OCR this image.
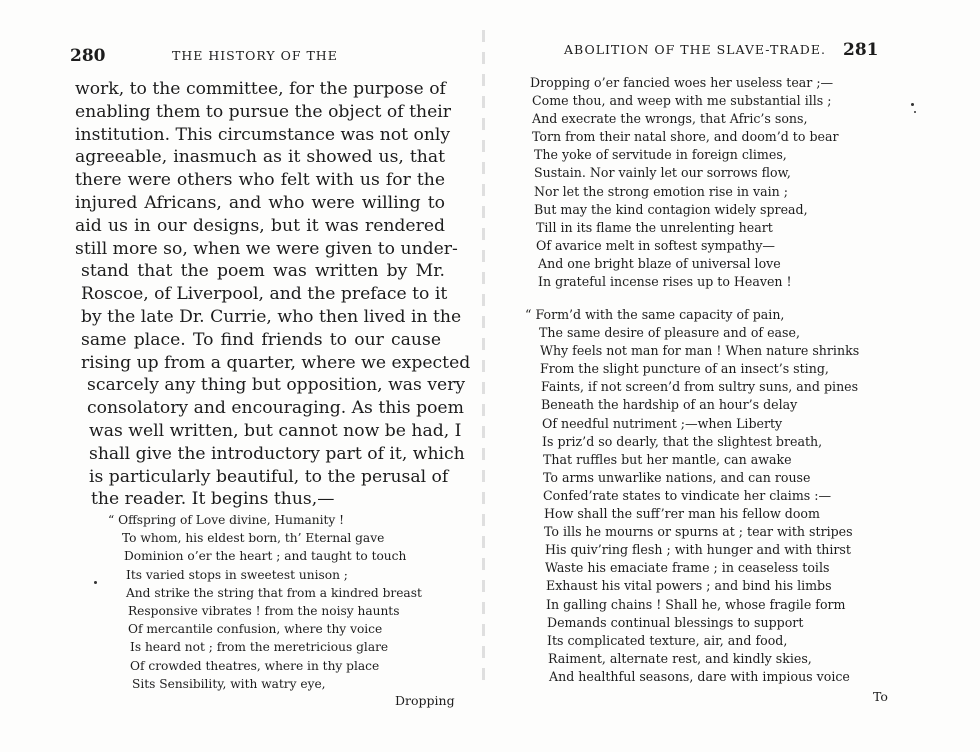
280	THE HISTORY OF THE
work, to the committee, for the purpose of
enabling them to pursue the object of their
institution. This circumstance was not only
agreeable, inasmuch as it showed us, that
there were others who felt with us for the
injured Africans, and who were willing to
aid us in our designs, but it was rendered
still more so, when we were given to under-
stand that the poem was written by Mr.
Roscoe, of Liverpool, and the preface to it
by the late Dr. Currie, who then lived in the
same place. To find friends to our cause
rising up from a quarter, where we expected
scarcely any thing but opposition, was very
consolatory and encouraging. As this poem
was well written, but cannot now be had, I
shall give the introductory part of it, which
is particularly beautiful, to the perusal of
the reader. It begins thus,—
“ Offspring of Love divine, Humanity !
To whom, his eldest born, th’ Eternal gave
Dominion o’er the heart ; and taught to touch
Its varied stops in sweetest unison ;
And strike the string that from a kindred breast
Responsive vibrates ! from the noisy haunts
Of mercantile confusion, where thy voice
Is heard not ; from the meretricious glare
Of crowded theatres, where in thy place
Sits Sensibility, with watry eye,
Dropping
ABOLITION OF THE SLAVE-TRADE. 281
Dropping o’er fancied woes her useless tear ;—
Come thou, and weep with me substantial ills ;
And execrate the wrongs, that Afric’s sons,
Torn from their natal shore, and doom’d to bear
The yoke of servitude in foreign climes,
Sustain. Nor vainly let our sorrows flow,
Nor let the strong emotion rise in vain ;
But may the kind contagion widely spread,
Till in its flame the unrelenting heart
Of avarice melt in softest sympathy—
And one bright blaze of universal love
In grateful incense rises up to Heaven !
“ Form’d with the same capacity of pain,
The same desire of pleasure and of ease,
Why feels not man for man ! When nature shrinks
From the slight puncture of an insect’s sting,
Faints, if not screen’d from sultry suns, and pines
Beneath the hardship of an hour’s delay
Of needful nutriment ;—when Liberty
Is priz’d so dearly, that the slightest breath,
That ruffles but her mantle, can awake
To arms unwarlike nations, and can rouse
Confed’rate states to vindicate her claims :—
How shall the suff’rer man his fellow doom
To ills he mourns or spurns at ; tear with stripes
His quiv’ring flesh ; with hunger and with thirst
Waste his emaciate frame ; in ceaseless toils
Exhaust his vital powers ; and bind his limbs
In galling chains ! Shall he, whose fragile form
Demands continual blessings to support
Its complicated texture, air, and food,
Raiment, alternate rest, and kindly skies,
And healthful seasons, dare with impious voice
To
